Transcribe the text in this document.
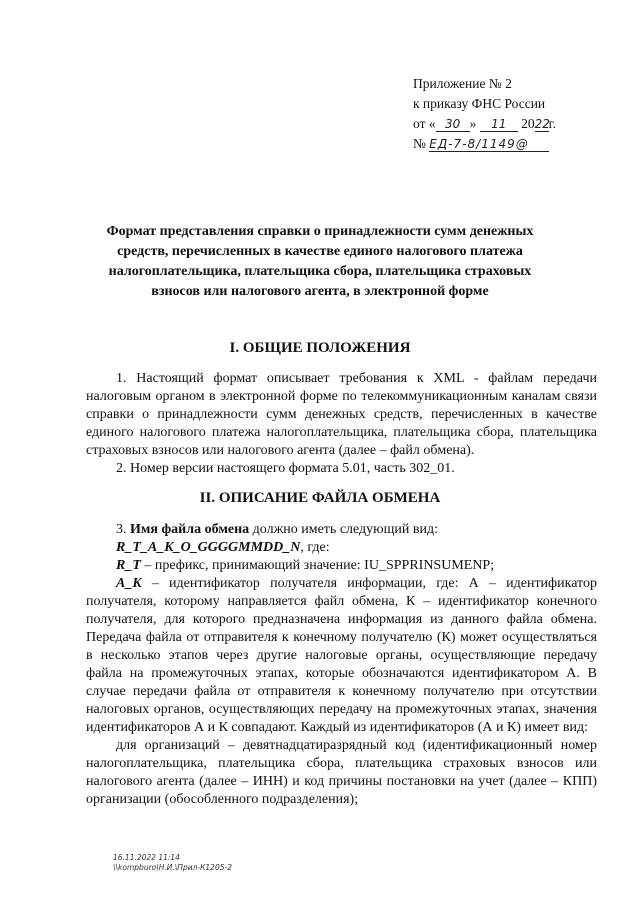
Приложение № 2
к приказу ФНС России
от « 30 » 11 2022г.
№ ЕД-7-8/1149@
Формат представления справки о принадлежности сумм денежных средств, перечисленных в качестве единого налогового платежа налогоплательщика, плательщика сбора, плательщика страховых взносов или налогового агента, в электронной форме
I. ОБЩИЕ ПОЛОЖЕНИЯ
1. Настоящий формат описывает требования к XML - файлам передачи налоговым органом в электронной форме по телекоммуникационным каналам связи справки о принадлежности сумм денежных средств, перечисленных в качестве единого налогового платежа налогоплательщика, плательщика сбора, плательщика страховых взносов или налогового агента (далее – файл обмена).
2. Номер версии настоящего формата 5.01, часть 302_01.
II. ОПИСАНИЕ ФАЙЛА ОБМЕНА
3. Имя файла обмена должно иметь следующий вид:
R_T_A_K_O_GGGGMMDD_N, где:
R_T – префикс, принимающий значение: IU_SPPRINSUMENP;
A_K – идентификатор получателя информации, где: А – идентификатор получателя, которому направляется файл обмена, К – идентификатор конечного получателя, для которого предназначена информация из данного файла обмена. Передача файла от отправителя к конечному получателю (К) может осуществляться в несколько этапов через другие налоговые органы, осуществляющие передачу файла на промежуточных этапах, которые обозначаются идентификатором А. В случае передачи файла от отправителя к конечному получателю при отсутствии налоговых органов, осуществляющих передачу на промежуточных этапах, значения идентификаторов А и К совпадают. Каждый из идентификаторов (А и К) имеет вид:
для организаций – девятнадцатиразрядный код (идентификационный номер налогоплательщика, плательщика сбора, плательщика страховых взносов или налогового агента (далее – ИНН) и код причины постановки на учет (далее – КПП) организации (обособленного подразделения);
16.11.2022 11:14
\\kompburo\Н.И.\Прил-К1205-2
